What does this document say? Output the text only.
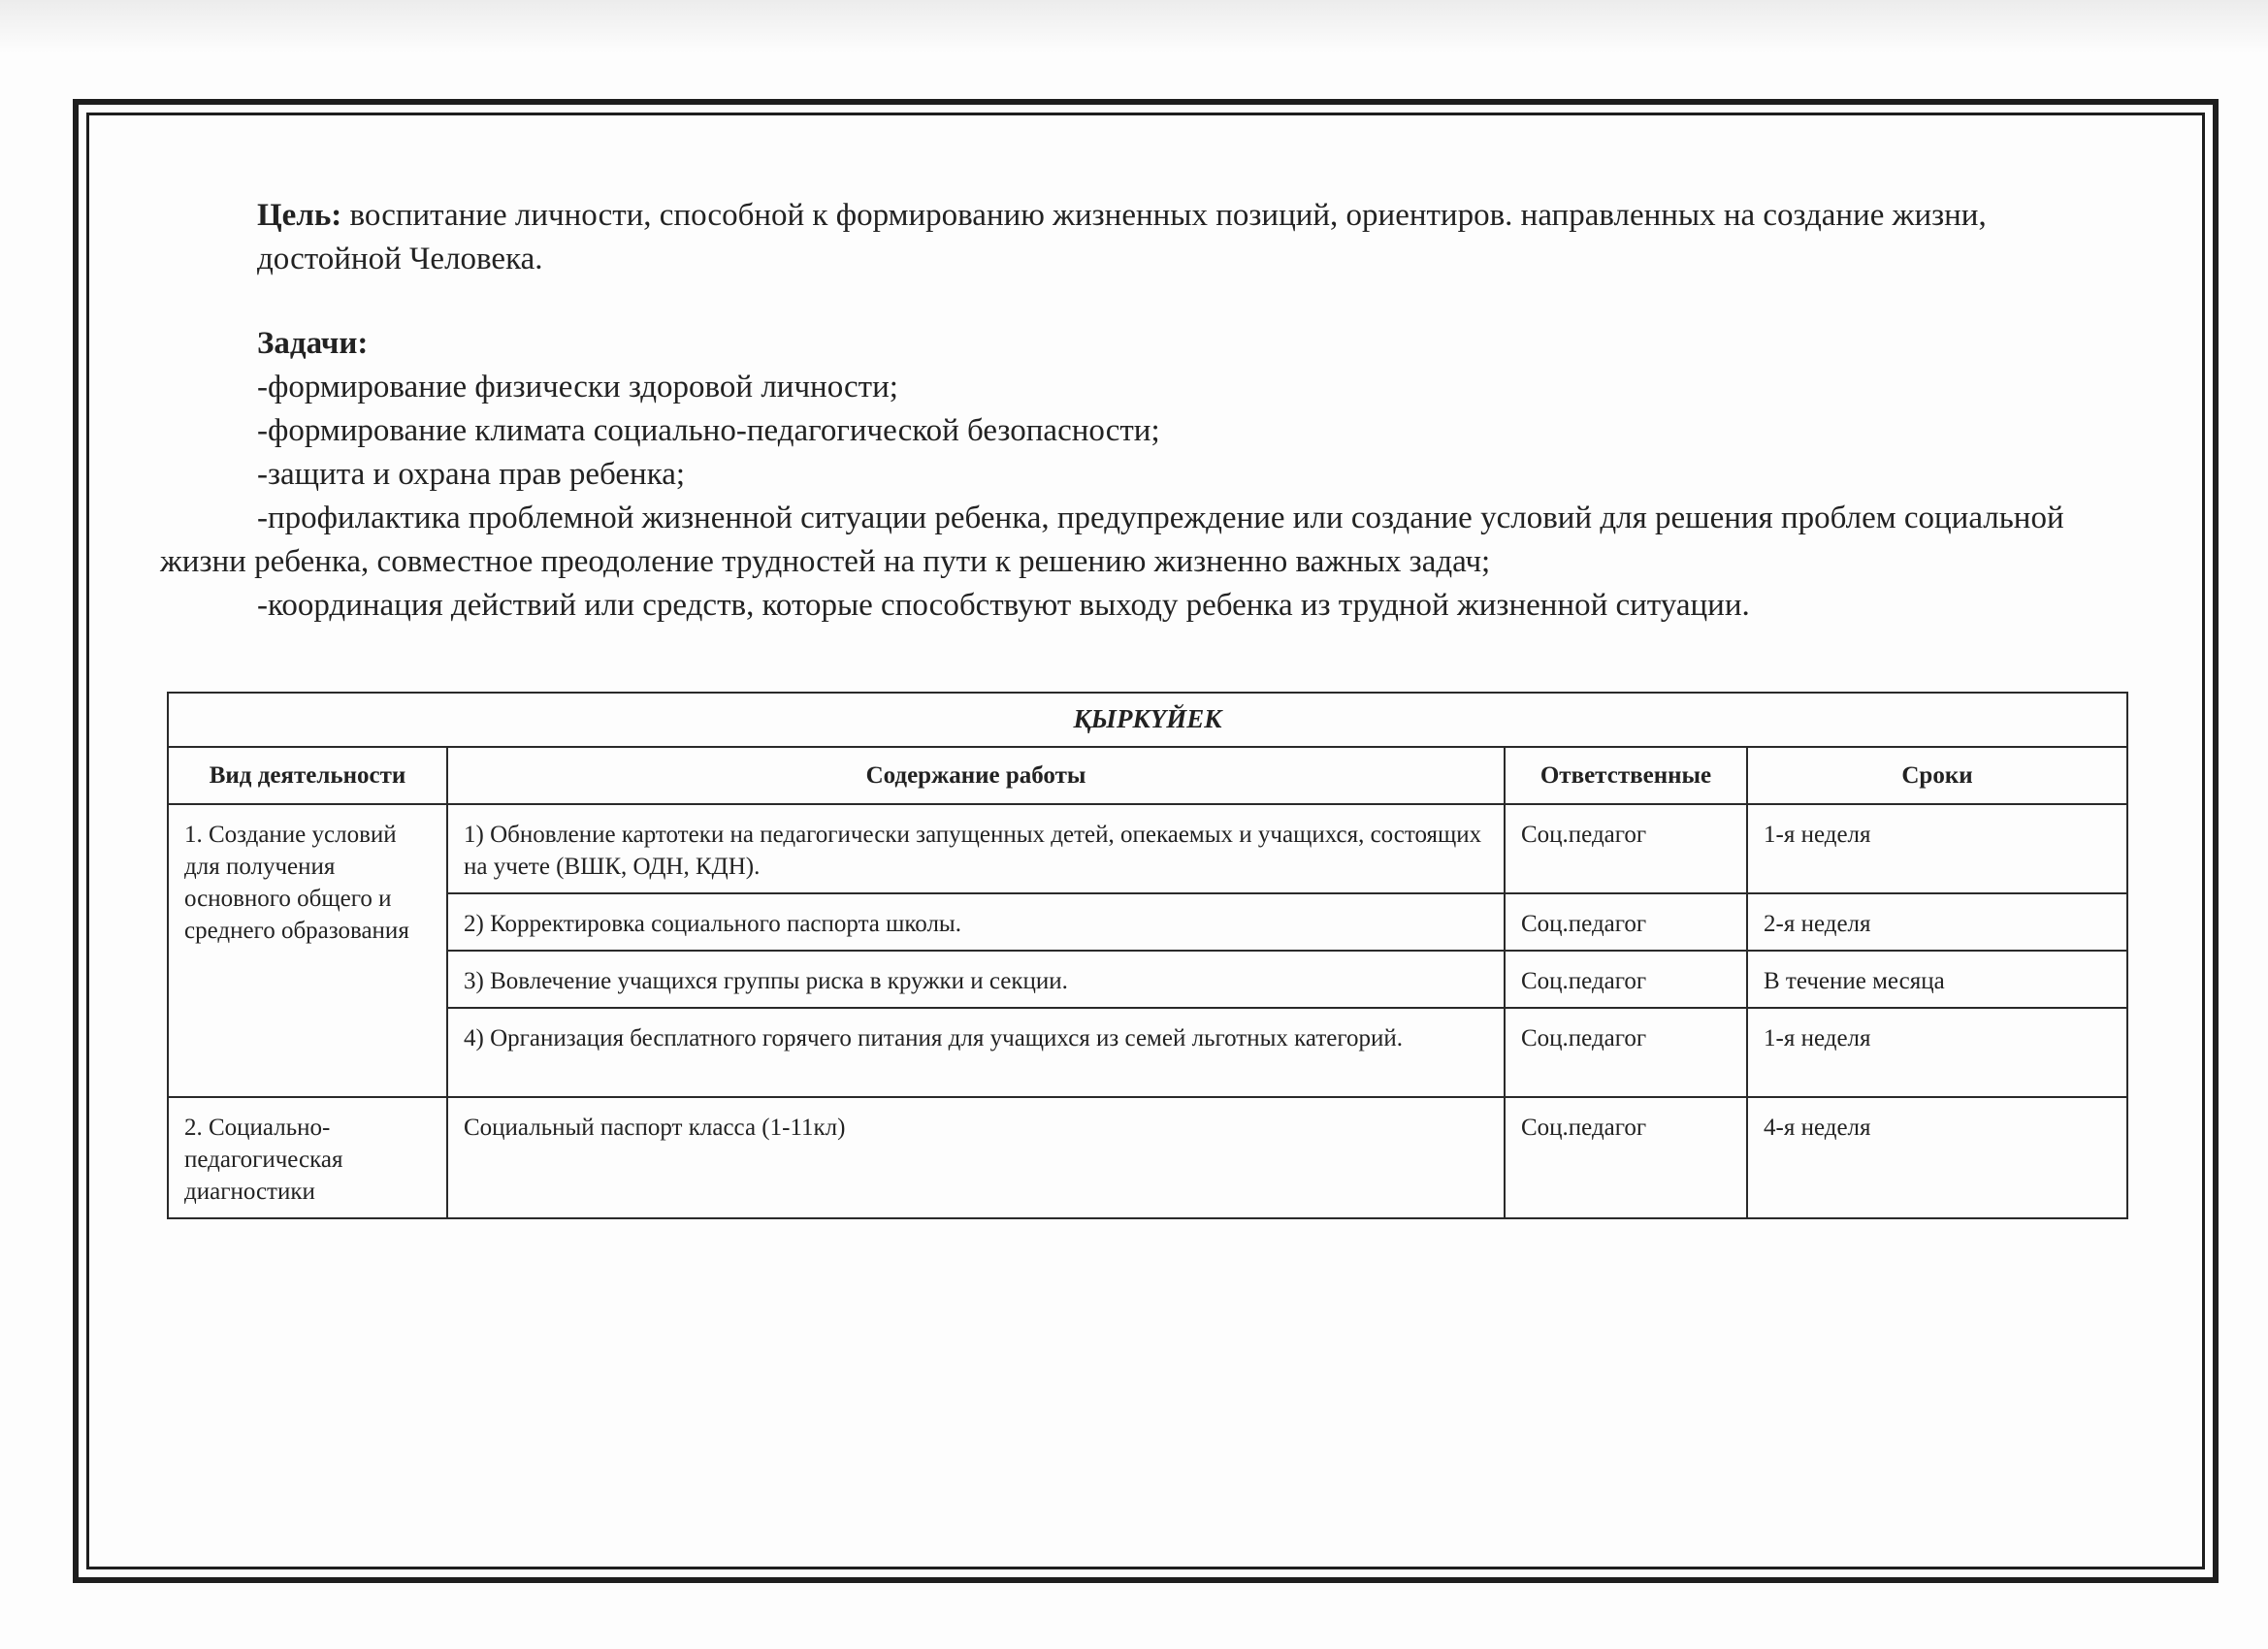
Цель: воспитание личности, способной к формированию жизненных позиций, ориентиров. направленных на создание жизни, достойной Человека.

Задачи:

-формирование физически здоровой личности;

-формирование климата социально-педагогической безопасности;

-защита и охрана прав ребенка;

-профилактика проблемной жизненной ситуации ребенка, предупреждение или создание условий для решения проблем социальной жизни ребенка, совместное преодоление трудностей на пути к решению жизненно важных задач;

-координация действий или средств, которые способствуют выходу ребенка из трудной жизненной ситуации.

ҚЫРКҮЙЕК			
Вид деятельности	Содержание работы	Ответственные	Сроки
1. Создание условий для получения основного общего и среднего образования	1) Обновление картотеки на педагогически запущенных детей, опекаемых и учащихся, состоящих на учете (ВШК, ОДН, КДН).	Соц.педагог	1-я неделя
	2) Корректировка социального паспорта школы.	Соц.педагог	2-я неделя
	3) Вовлечение учащихся группы риска в кружки и секции.	Соц.педагог	В течение месяца
	4) Организация бесплатного горячего питания для учащихся из семей льготных категорий.	Соц.педагог	1-я неделя
2. Социально-педагогическая диагностики	Социальный паспорт класса (1-11кл)	Соц.педагог	4-я неделя
